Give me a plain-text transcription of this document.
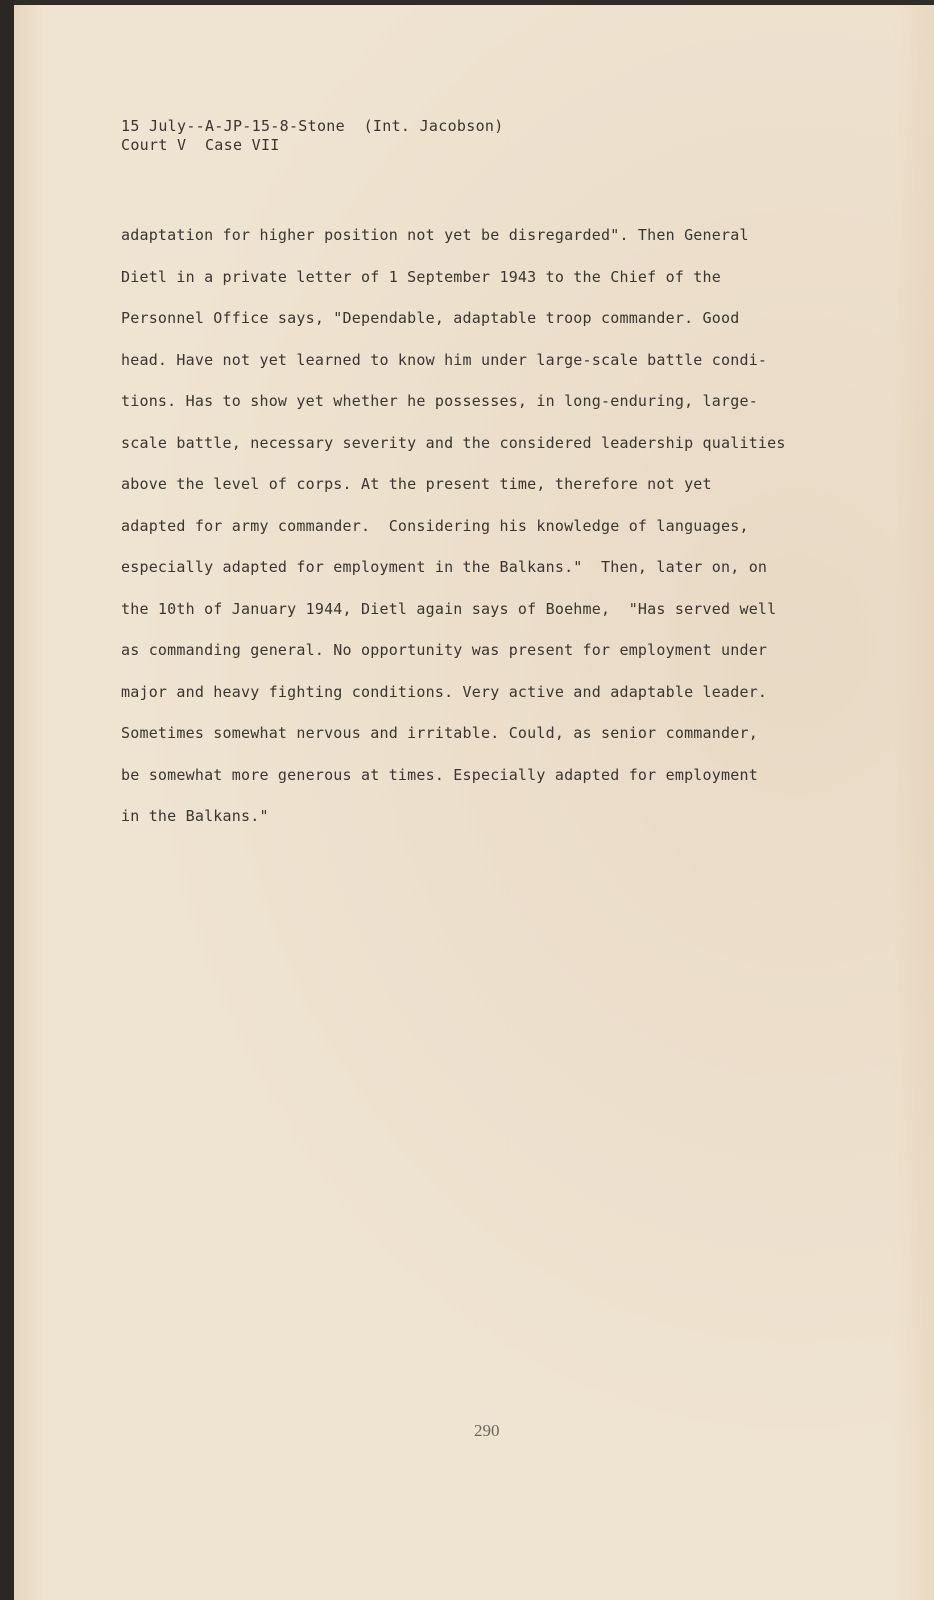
15 July--A-JP-15-8-Stone  (Int. Jacobson)
Court V  Case VII
adaptation for higher position not yet be disregarded". Then General
Dietl in a private letter of 1 September 1943 to the Chief of the
Personnel Office says, "Dependable, adaptable troop commander. Good
head. Have not yet learned to know him under large-scale battle condi-
tions. Has to show yet whether he possesses, in long-enduring, large-
scale battle, necessary severity and the considered leadership qualities
above the level of corps. At the present time, therefore not yet
adapted for army commander.  Considering his knowledge of languages,
especially adapted for employment in the Balkans."  Then, later on, on
the 10th of January 1944, Dietl again says of Boehme,  "Has served well
as commanding general. No opportunity was present for employment under
major and heavy fighting conditions. Very active and adaptable leader.
Sometimes somewhat nervous and irritable. Could, as senior commander,
be somewhat more generous at times. Especially adapted for employment
in the Balkans."
290
